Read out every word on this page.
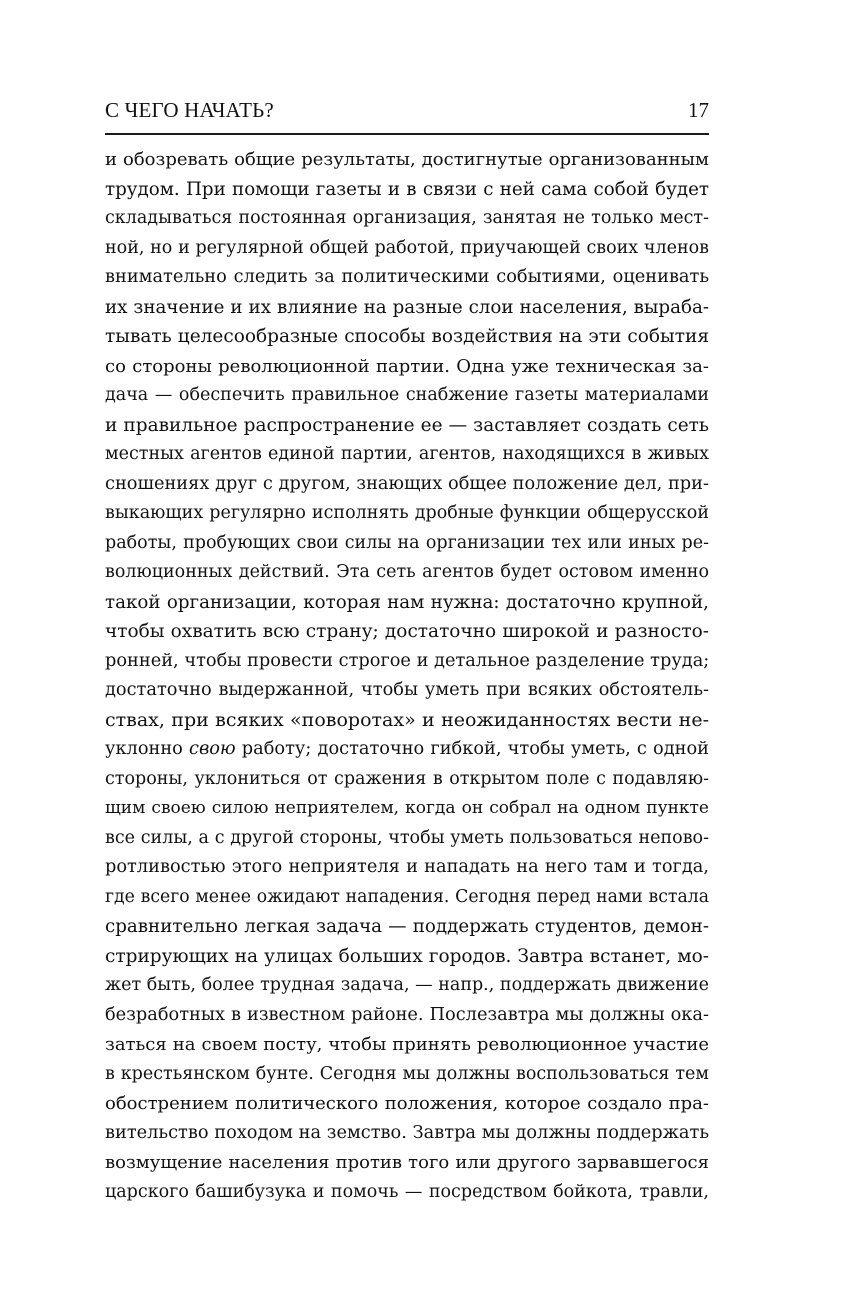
С ЧЕГО НАЧАТЬ?	17
и обозревать общие результаты, достигнутые организованным
трудом. При помощи газеты и в связи с ней сама собой будет
складываться постоянная организация, занятая не только мест-
ной, но и регулярной общей работой, приучающей своих членов
внимательно следить за политическими событиями, оценивать
их значение и их влияние на разные слои населения, выраба-
тывать целесообразные способы воздействия на эти события
со стороны революционной партии. Одна уже техническая за-
дача — обеспечить правильное снабжение газеты материалами
и правильное распространение ее — заставляет создать сеть
местных агентов единой партии, агентов, находящихся в живых
сношениях друг с другом, знающих общее положение дел, при-
выкающих регулярно исполнять дробные функции общерусской
работы, пробующих свои силы на организации тех или иных ре-
волюционных действий. Эта сеть агентов будет остовом именно
такой организации, которая нам нужна: достаточно крупной,
чтобы охватить всю страну; достаточно широкой и разносто-
ронней, чтобы провести строгое и детальное разделение труда;
достаточно выдержанной, чтобы уметь при всяких обстоятель-
ствах, при всяких «поворотах» и неожиданностях вести не-
уклонно свою работу; достаточно гибкой, чтобы уметь, с одной
стороны, уклониться от сражения в открытом поле с подавляю-
щим своею силою неприятелем, когда он собрал на одном пункте
все силы, а с другой стороны, чтобы уметь пользоваться непово-
ротливостью этого неприятеля и нападать на него там и тогда,
где всего менее ожидают нападения. Сегодня перед нами встала
сравнительно легкая задача — поддержать студентов, демон-
стрирующих на улицах больших городов. Завтра встанет, мо-
жет быть, более трудная задача, — напр., поддержать движение
безработных в известном районе. Послезавтра мы должны ока-
заться на своем посту, чтобы принять революционное участие
в крестьянском бунте. Сегодня мы должны воспользоваться тем
обострением политического положения, которое создало пра-
вительство походом на земство. Завтра мы должны поддержать
возмущение населения против того или другого зарвавшегося
царского башибузука и помочь — посредством бойкота, травли,
